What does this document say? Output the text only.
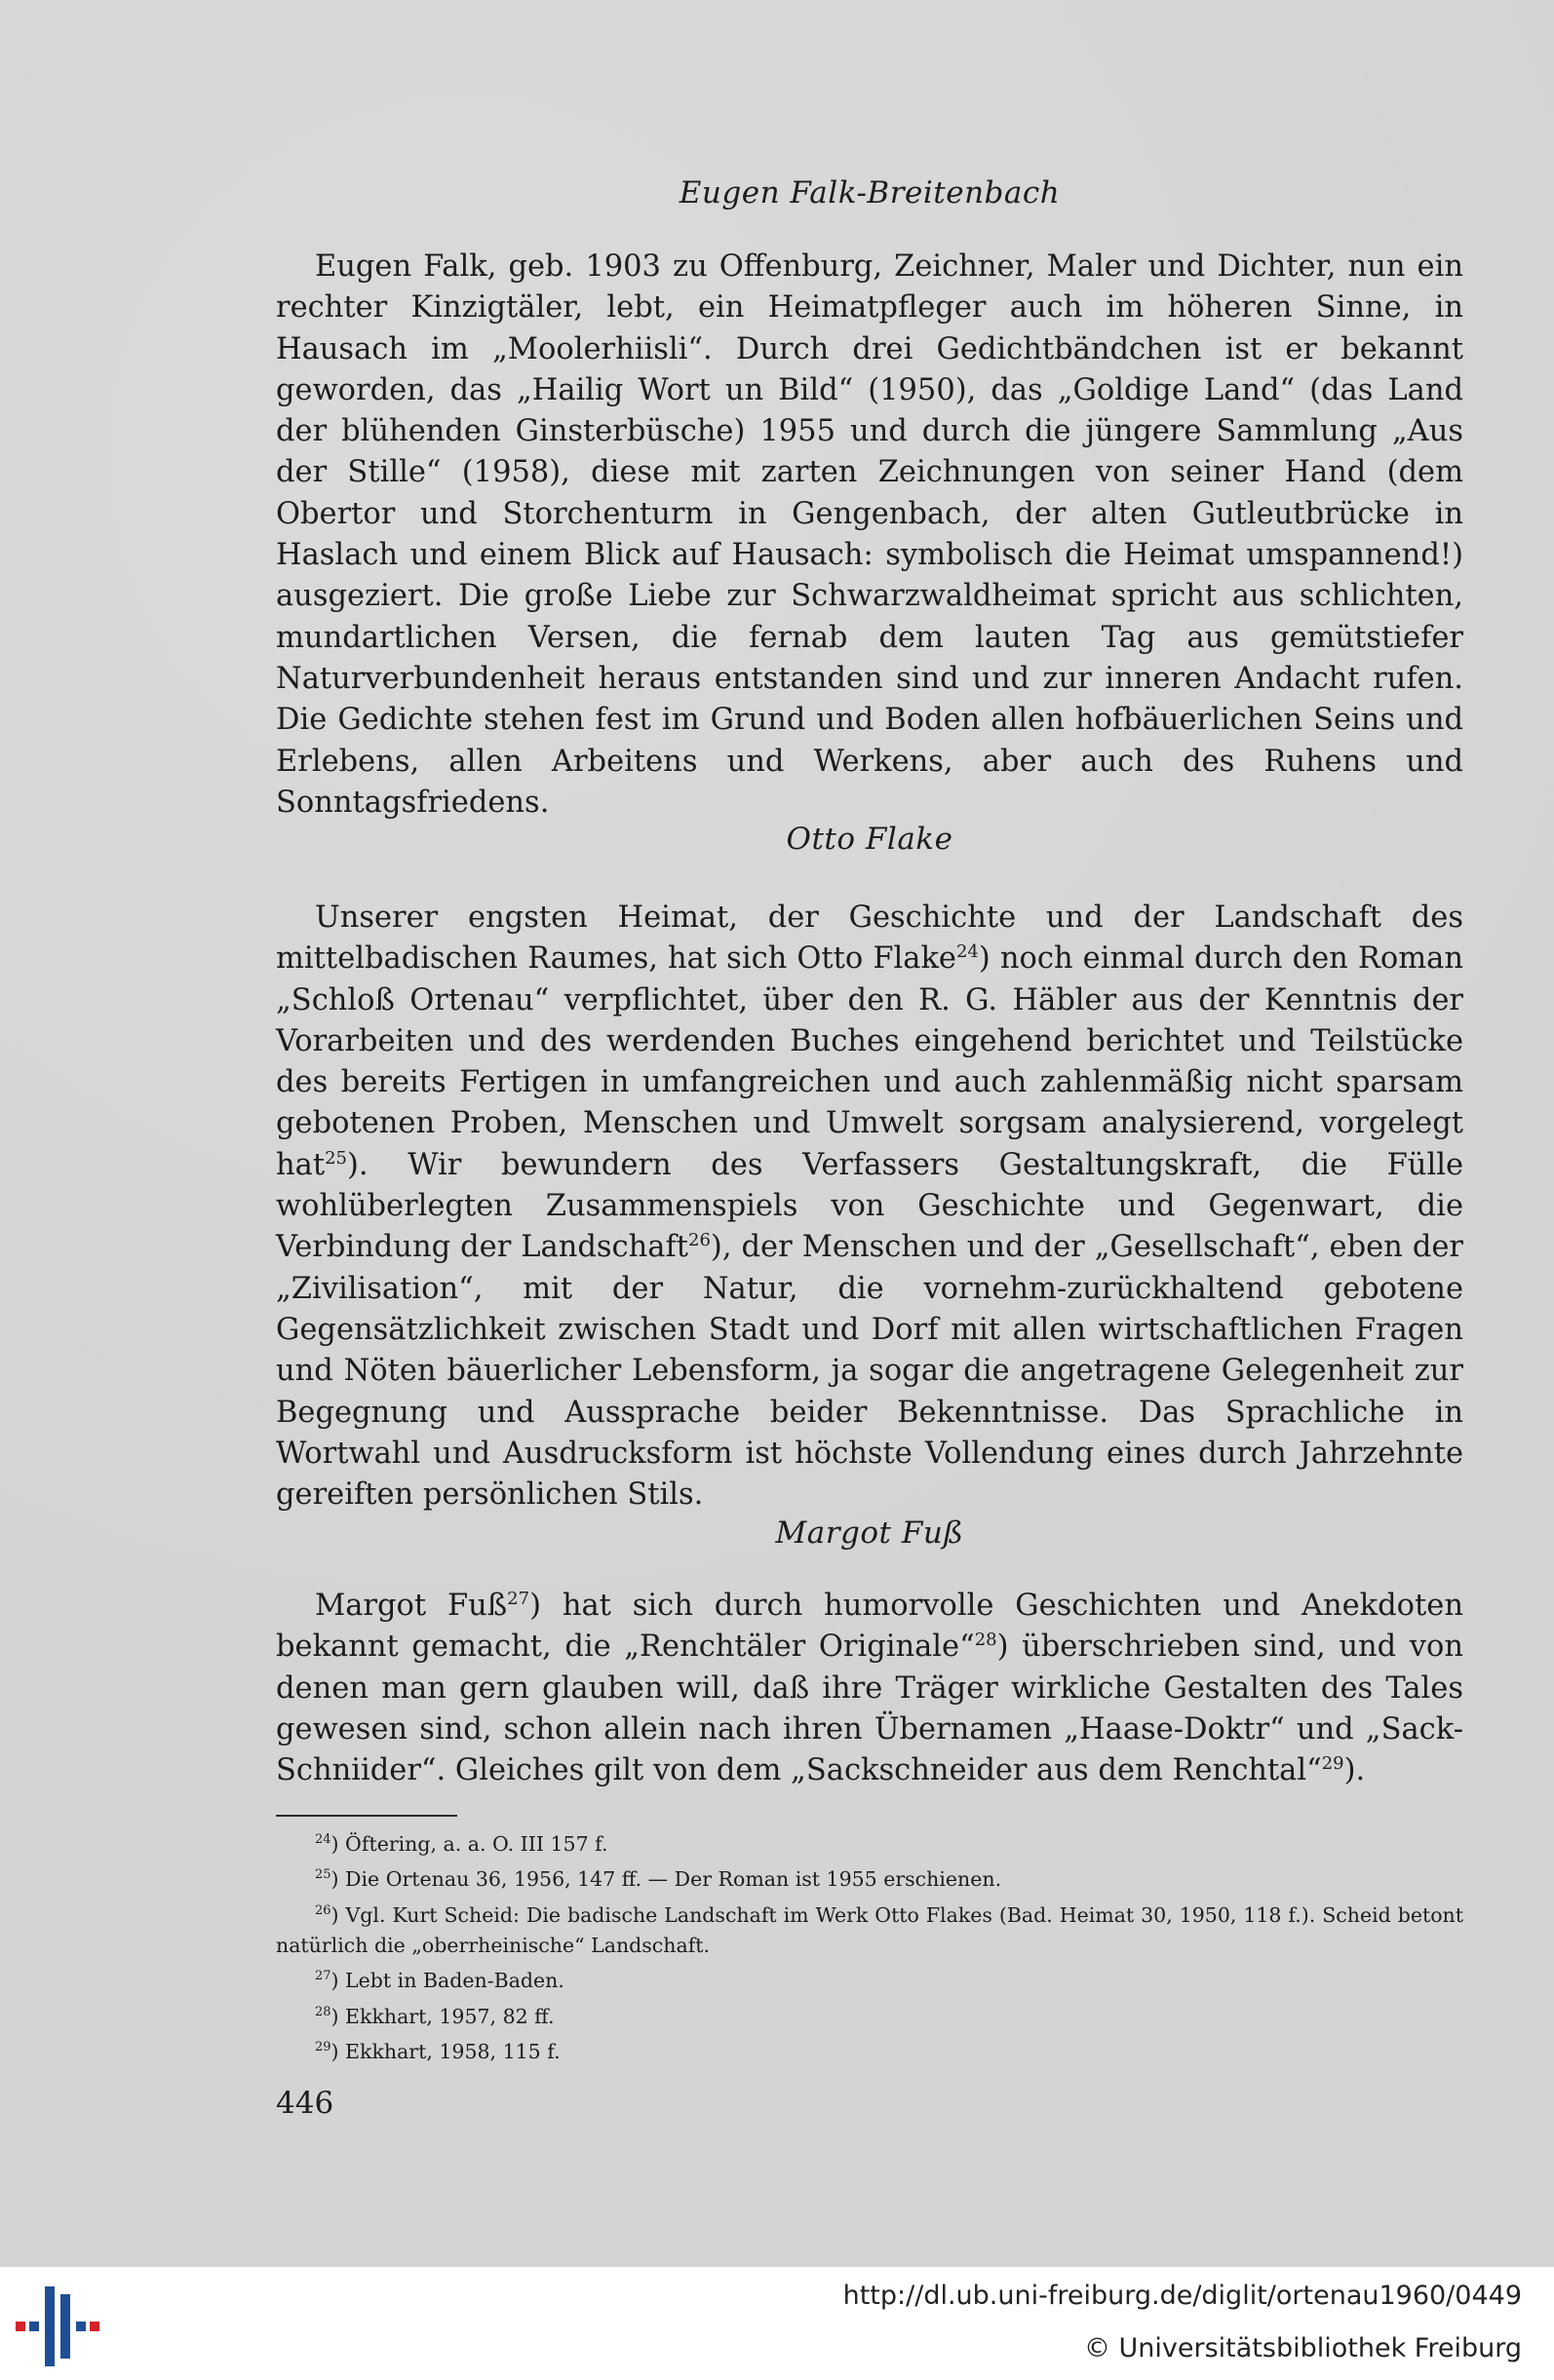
Eugen Falk-Breitenbach
Eugen Falk, geb. 1903 zu Offenburg, Zeichner, Maler und Dichter, nun ein rechter Kinzigtäler, lebt, ein Heimatpfleger auch im höheren Sinne, in Hausach im „Moolerhiisli“. Durch drei Gedichtbändchen ist er bekannt geworden, das „Hailig Wort un Bild“ (1950), das „Goldige Land“ (das Land der blühenden Ginsterbüsche) 1955 und durch die jüngere Sammlung „Aus der Stille“ (1958), diese mit zarten Zeichnungen von seiner Hand (dem Obertor und Storchenturm in Gengenbach, der alten Gutleutbrücke in Haslach und einem Blick auf Hausach: symbolisch die Heimat umspannend!) ausgeziert. Die große Liebe zur Schwarzwaldheimat spricht aus schlichten, mundartlichen Versen, die fernab dem lauten Tag aus gemütstiefer Naturverbundenheit heraus entstanden sind und zur inneren Andacht rufen. Die Gedichte stehen fest im Grund und Boden allen hofbäuerlichen Seins und Erlebens, allen Arbeitens und Werkens, aber auch des Ruhens und Sonntagsfriedens.
Otto Flake
Unserer engsten Heimat, der Geschichte und der Landschaft des mittelbadischen Raumes, hat sich Otto Flake$^{24}$) noch einmal durch den Roman „Schloß Ortenau“ verpflichtet, über den R. G. Häbler aus der Kenntnis der Vorarbeiten und des werdenden Buches eingehend berichtet und Teilstücke des bereits Fertigen in umfangreichen und auch zahlenmäßig nicht sparsam gebotenen Proben, Menschen und Umwelt sorgsam analysierend, vorgelegt hat$^{25}$). Wir bewundern des Verfassers Gestaltungskraft, die Fülle wohlüberlegten Zusammenspiels von Geschichte und Gegenwart, die Verbindung der Landschaft$^{26}$), der Menschen und der „Gesellschaft“, eben der „Zivilisation“, mit der Natur, die vornehm-zurückhaltend gebotene Gegensätzlichkeit zwischen Stadt und Dorf mit allen wirtschaftlichen Fragen und Nöten bäuerlicher Lebensform, ja sogar die angetragene Gelegenheit zur Begegnung und Aussprache beider Bekenntnisse. Das Sprachliche in Wortwahl und Ausdrucksform ist höchste Vollendung eines durch Jahrzehnte gereiften persönlichen Stils.
Margot Fuß
Margot Fuß$^{27}$) hat sich durch humorvolle Geschichten und Anekdoten bekannt gemacht, die „Renchtäler Originale“$^{28}$) überschrieben sind, und von denen man gern glauben will, daß ihre Träger wirkliche Gestalten des Tales gewesen sind, schon allein nach ihren Übernamen „Haase-Doktr“ und „Sack-Schniider“. Gleiches gilt von dem „Sackschneider aus dem Renchtal“$^{29}$).
$^{24}$) Öftering, a. a. O. III 157 f.
$^{25}$) Die Ortenau 36, 1956, 147 ff. — Der Roman ist 1955 erschienen.
$^{26}$) Vgl. Kurt Scheid: Die badische Landschaft im Werk Otto Flakes (Bad. Heimat 30, 1950, 118 f.). Scheid betont natürlich die „oberrheinische“ Landschaft.
$^{27}$) Lebt in Baden-Baden.
$^{28}$) Ekkhart, 1957, 82 ff.
$^{29}$) Ekkhart, 1958, 115 f.
446
http://dl.ub.uni-freiburg.de/diglit/ortenau1960/0449
© Universitätsbibliothek Freiburg
